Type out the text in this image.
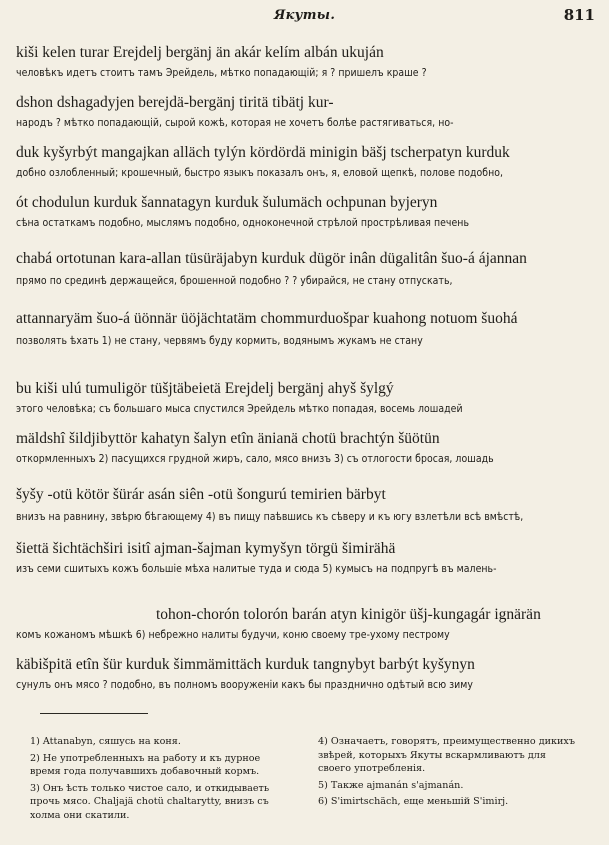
Якуты.	811
kiši kelen turar Erejdelj bergänj än akár kelím albán ukuján
человѣкъ идетъ стоитъ тамъ Эрейдель, мѣтко попадающій; я ? пришелъ краше ?
dshon dshagadyjen berejdä-bergänj tiritä tibätj kur-
народъ ? мѣтко попадающій, сырой кожѣ, которая не хочетъ болѣе растягиваться, но-
duk kyšyrbýt mangajkan alläch tylýn kördördä minigin bäšj tscherpatyn kurduk
добно озлобленный; крошечный, быстро языкъ показалъ онъ, я, еловой щепкѣ, полове подобно,
ót chodulun kurduk šannatagyn kurduk šulumäch ochpunan byjeryn
сѣна остаткамъ подобно, мыслямъ подобно, одноконечной стрѣлой прострѣливая печень
chabá ortotunan kara-allan tüsüräjabyn kurduk dügör inân dügalitân šuo-á ájannan
прямо по срединѣ держащейся, брошенной подобно ? ? убирайся, не стану отпускать,
attannaryäm šuo-á üönnär üöjächtatäm chommurduošpar kuahong notuom šuohá
позволять ѣхать 1) не стану, червямъ буду кормить, водянымъ жукамъ не стану
bu kiši ulú tumuligör tüšjtäbeietä Erejdelj bergänj ahyš šylgý
этого человѣка; съ большаго мыса спустился Эрейдель мѣтко попадая, восемь лошадей
mäldshî šildjibyttör kahatyn šalyn etîn änianä chotü brachtýn šüötün
откормленныхъ 2) пасущихся грудной жиръ, сало, мясо внизъ 3) съ отлогости бросая, лошадь
šyšy -otü kötör šürár asán siên -otü šongurú temirien bärbyt
внизъ на равнину, звѣрю бѣгающему 4) въ пищу паѣвшись къ сѣверу и къ югу взлетѣли всѣ вмѣстѣ,
šiettä šichtächširi isitî ajman-šajman kymyšyn törgü šimirähä
изъ семи сшитыхъ кожъ большіе мѣха налитые туда и сюда 5) кумысъ на подпругѣ въ малень-
tohon-chorón tolorón barán atyn kinigör üšj-kungagár ignärän
комъ кожаномъ мѣшкѣ 6) небрежно налиты будучи, коню своему тре-ухому пестрому
käbišpitä etîn šür kurduk šimmämittäch kurduk tangnybyt barbýt kyšynyn
сунулъ онъ мясо ? подобно, въ полномъ вооруженіи какъ бы празднично одѣтый всю зиму
1) Attanabyn, сяшусь на коня.
2) Не употребленныхъ на работу и къ дурное время года получавшихъ добавочный кормъ.
3) Онъ ѣсть только чистое сало, и откидываеть прочь мясо. Chaljajä chotü chaltarytty, внизъ съ холма они скатили.
4) Означаетъ, говорятъ, преимущественно дикихъ звѣрей, которыхъ Якуты вскармливаютъ для своего употребленія.
5) Также ajmanán s'ajmanán.
6) S'imirtschäch, еще меньшій S'imirj.
